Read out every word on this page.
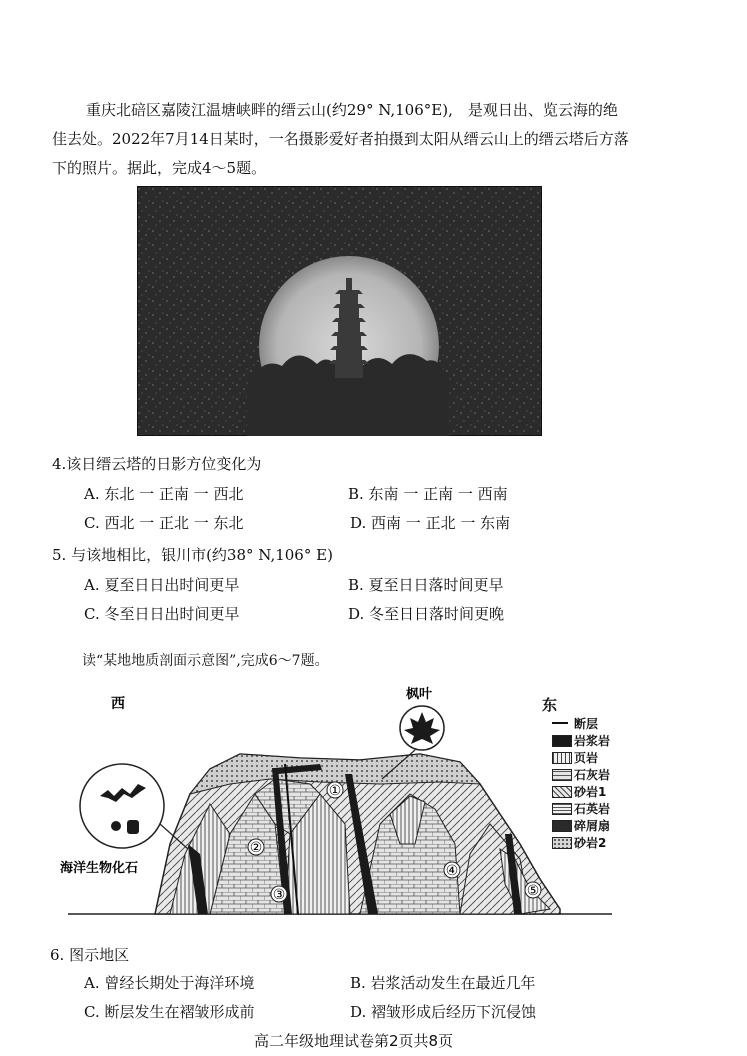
重庆北碚区嘉陵江温塘峡畔的缙云山(约29° N,106°E),　是观日出、览云海的绝
佳去处。2022年7月14日某时，一名摄影爱好者拍摄到太阳从缙云山上的缙云塔后方落
下的照片。据此，完成4～5题。
4.该日缙云塔的日影方位变化为
A. 东北 一 正南 一 西北	B. 东南 一 正南 一 西南
C. 西北 一 正北 一 东北	D. 西南 一 正北 一 东南
5. 与该地相比，银川市(约38° N,106° E)
A. 夏至日日出时间更早	B. 夏至日日落时间更早
C. 冬至日日出时间更早	D. 冬至日日落时间更晚
读“某地地质剖面示意图”,完成6～7题。
①
②
③
④
⑤
西
枫叶
海洋生物化石
东
断层
岩浆岩
页岩
石灰岩
砂岩1
石英岩
碎屑扇
砂岩2
6. 图示地区
A. 曾经长期处于海洋环境	B. 岩浆活动发生在最近几年
C. 断层发生在褶皱形成前	D. 褶皱形成后经历下沉侵蚀
高二年级地理试卷第2页共8页
